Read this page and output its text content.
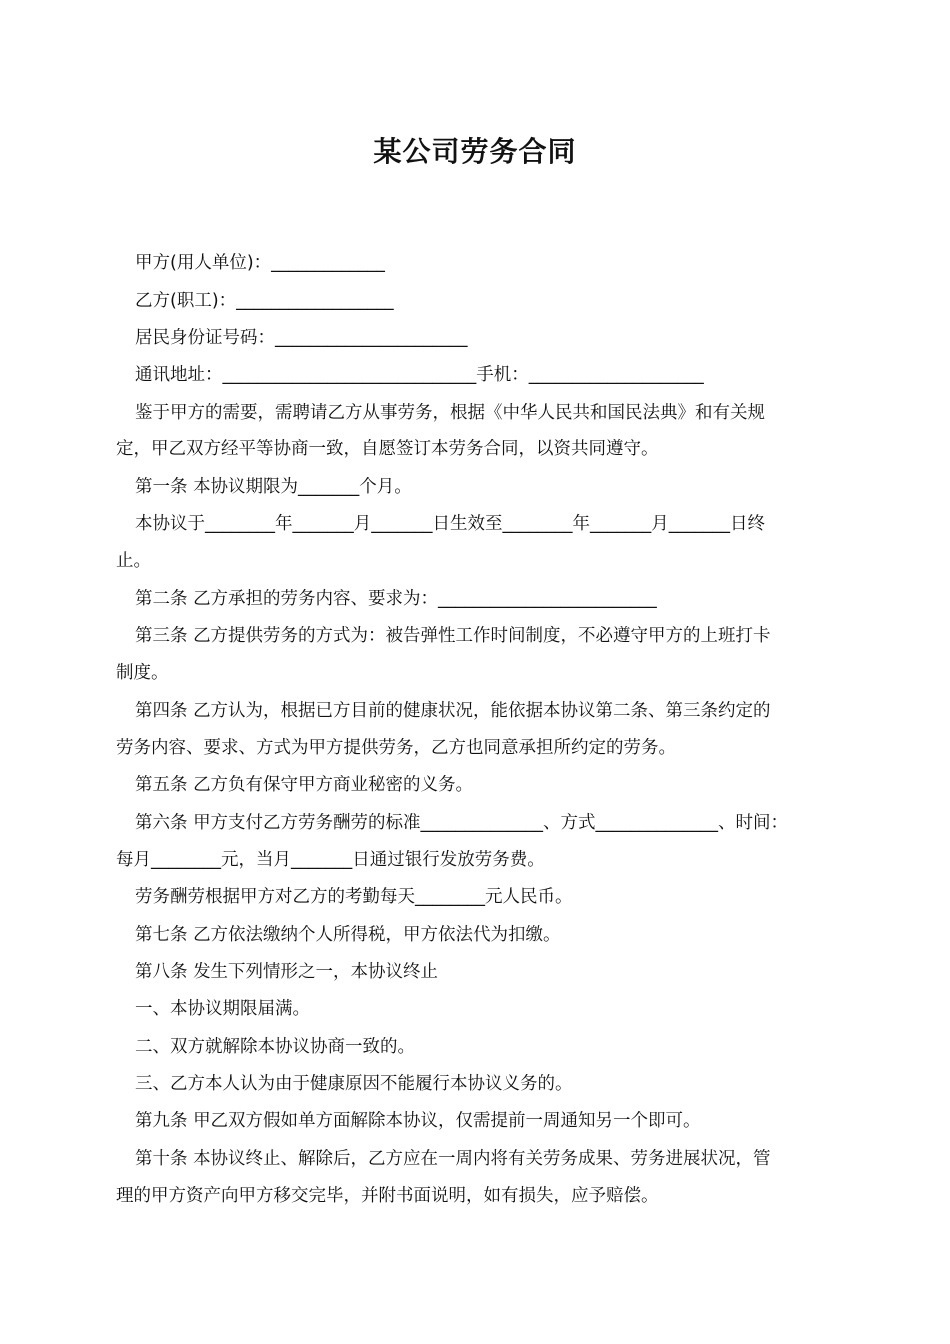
某公司劳务合同
甲方(用人单位)：_____________
乙方(职工)：__________________
居民身份证号码：______________________
通讯地址：_____________________________手机：____________________
鉴于甲方的需要，需聘请乙方从事劳务，根据《中华人民共和国民法典》和有关规
定，甲乙双方经平等协商一致，自愿签订本劳务合同，以资共同遵守。
第一条 本协议期限为_______个月。
本协议于________年_______月_______日生效至________年_______月_______日终
止。
第二条 乙方承担的劳务内容、要求为：_________________________
第三条 乙方提供劳务的方式为：被告弹性工作时间制度，不必遵守甲方的上班打卡
制度。
第四条 乙方认为，根据已方目前的健康状况，能依据本协议第二条、第三条约定的
劳务内容、要求、方式为甲方提供劳务，乙方也同意承担所约定的劳务。
第五条 乙方负有保守甲方商业秘密的义务。
第六条 甲方支付乙方劳务酬劳的标准______________、方式______________、时间：
每月________元，当月_______日通过银行发放劳务费。
劳务酬劳根据甲方对乙方的考勤每天________元人民币。
第七条 乙方依法缴纳个人所得税，甲方依法代为扣缴。
第八条 发生下列情形之一，本协议终止
一、本协议期限届满。
二、双方就解除本协议协商一致的。
三、乙方本人认为由于健康原因不能履行本协议义务的。
第九条 甲乙双方假如单方面解除本协议，仅需提前一周通知另一个即可。
第十条 本协议终止、解除后，乙方应在一周内将有关劳务成果、劳务进展状况，管
理的甲方资产向甲方移交完毕，并附书面说明，如有损失，应予赔偿。
